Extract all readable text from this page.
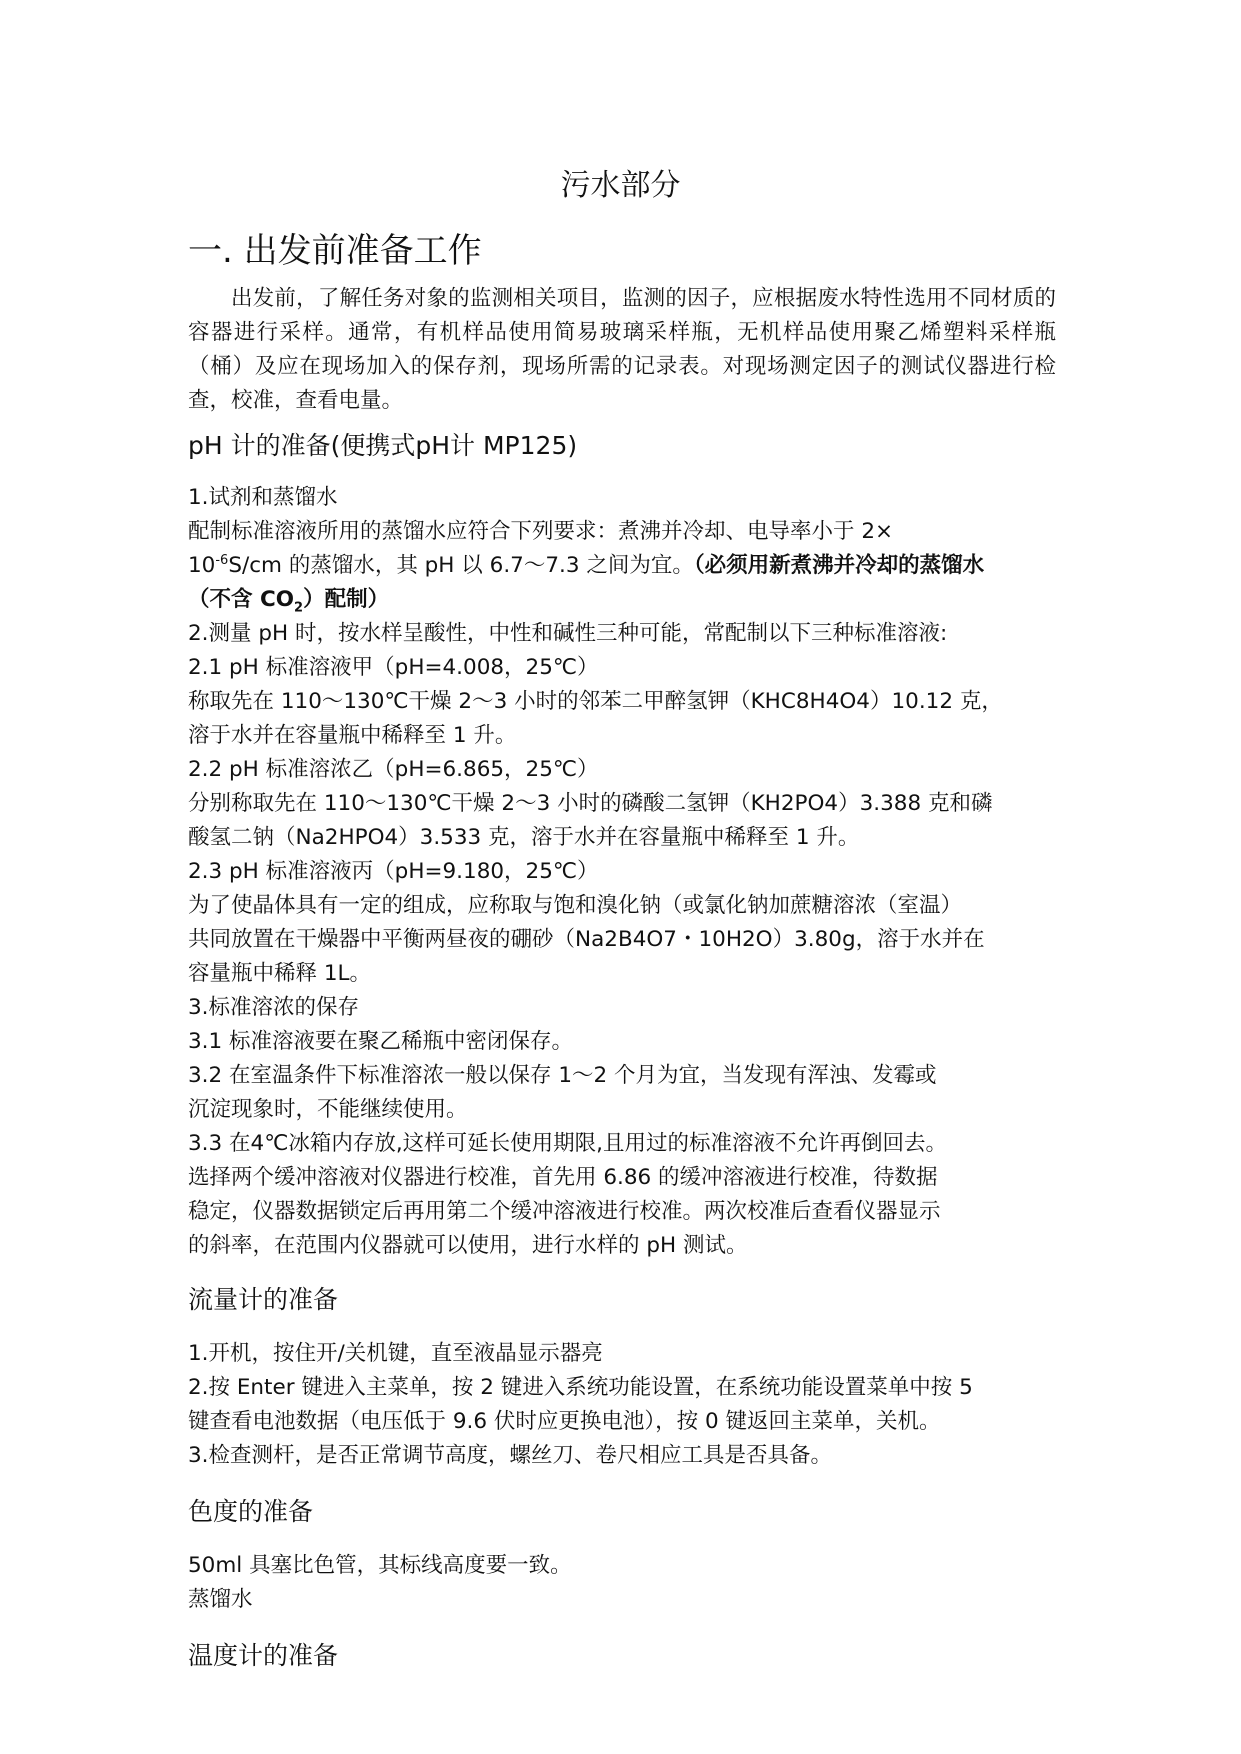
污水部分
一. 出发前准备工作
出发前，了解任务对象的监测相关项目，监测的因子，应根据废水特性选用不同材质的容器进行采样。通常，有机样品使用简易玻璃采样瓶，无机样品使用聚乙烯塑料采样瓶（桶）及应在现场加入的保存剂，现场所需的记录表。对现场测定因子的测试仪器进行检查，校准，查看电量。
pH 计的准备(便携式pH计 MP125)
1.试剂和蒸馏水
配制标准溶液所用的蒸馏水应符合下列要求：煮沸并冷却、电导率小于 2×
$10^{-6}S/cm$ 的蒸馏水，其 pH 以 6.7～7.3 之间为宜。（必须用新煮沸并冷却的蒸馏水
（不含 $CO_2$）配制）
2.测量 pH 时，按水样呈酸性，中性和碱性三种可能，常配制以下三种标准溶液:
2.1 pH 标准溶液甲（pH=4.008，25℃）
称取先在 110～130℃干燥 2～3 小时的邻苯二甲醉氢钾（KHC8H4O4）10.12 克，
溶于水并在容量瓶中稀释至 1 升。
2.2 pH 标准溶浓乙（pH=6.865，25℃）
分别称取先在 110～130℃干燥 2～3 小时的磷酸二氢钾（KH2PO4）3.388 克和磷
酸氢二钠（Na2HPO4）3.533 克，溶于水并在容量瓶中稀释至 1 升。
2.3 pH 标准溶液丙（pH=9.180，25℃）
为了使晶体具有一定的组成，应称取与饱和溴化钠（或氯化钠加蔗糖溶浓（室温）
共同放置在干燥器中平衡两昼夜的硼砂（Na2B4O7・10H2O）3.80g，溶于水并在
容量瓶中稀释 1L。
3.标准溶浓的保存
3.1 标准溶液要在聚乙稀瓶中密闭保存。
3.2 在室温条件下标准溶浓一般以保存 1～2 个月为宜，当发现有浑浊、发霉或
沉淀现象时，不能继续使用。
3.3 在4℃冰箱内存放,这样可延长使用期限,且用过的标准溶液不允许再倒回去。
选择两个缓冲溶液对仪器进行校准，首先用 6.86 的缓冲溶液进行校准，待数据
稳定，仪器数据锁定后再用第二个缓冲溶液进行校准。两次校准后查看仪器显示
的斜率，在范围内仪器就可以使用，进行水样的 pH 测试。
流量计的准备
1.开机，按住开/关机键，直至液晶显示器亮
2.按 Enter 键进入主菜单，按 2 键进入系统功能设置，在系统功能设置菜单中按 5
键查看电池数据（电压低于 9.6 伏时应更换电池），按 0 键返回主菜单，关机。
3.检查测杆，是否正常调节高度，螺丝刀、卷尺相应工具是否具备。
色度的准备
50ml 具塞比色管，其标线高度要一致。
蒸馏水
温度计的准备
